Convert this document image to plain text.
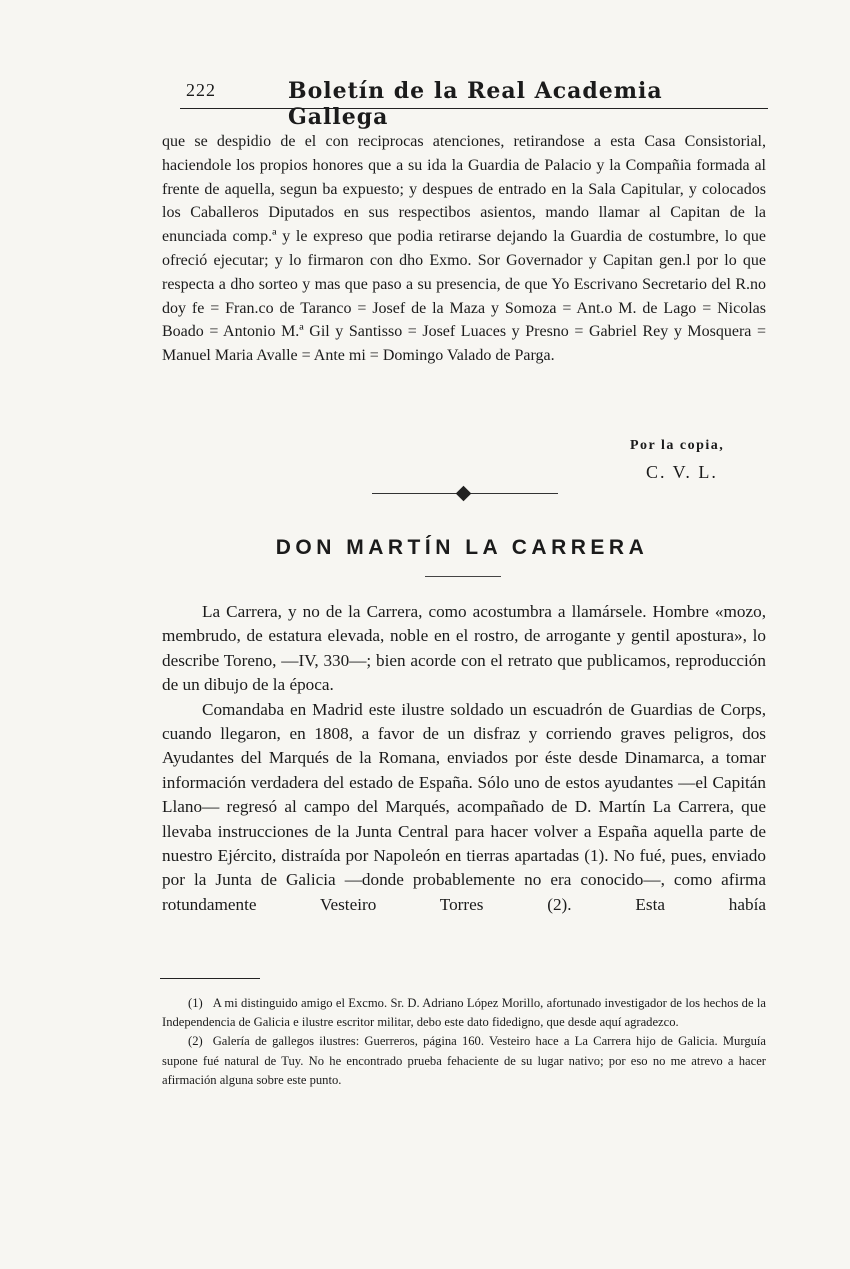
222	Boletín de la Real Academia Gallega

que se despidio de el con reciprocas atenciones, retirandose a esta Casa Consistorial, haciendole los propios honores que a su ida la Guardia de Palacio y la Compañia formada al frente de aquella, segun ba expuesto; y despues de entrado en la Sala Capitular, y colocados los Caballeros Diputados en sus respectibos asientos, mando llamar al Capitan de la enunciada comp.ª y le expreso que podia retirarse dejando la Guardia de costumbre, lo que ofreció ejecutar; y lo firmaron con dho Exmo. Sor Governador y Capitan gen.l por lo que respecta a dho sorteo y mas que paso a su presencia, de que Yo Escrivano Secretario del R.no doy fe = Fran.co de Taranco = Josef de la Maza y Somoza = Ant.o M. de Lago = Nicolas Boado = Antonio M.ª Gil y Santisso = Josef Luaces y Presno = Gabriel Rey y Mosquera = Manuel Maria Avalle = Ante mi = Domingo Valado de Parga.

Por la copia,
C. V. L.
DON MARTÍN LA CARRERA

La Carrera, y no de la Carrera, como acostumbra a llamársele. Hombre «mozo, membrudo, de estatura elevada, noble en el rostro, de arrogante y gentil apostura», lo describe Toreno, —IV, 330—; bien acorde con el retrato que publicamos, reproducción de un dibujo de la época.

Comandaba en Madrid este ilustre soldado un escuadrón de Guardias de Corps, cuando llegaron, en 1808, a favor de un disfraz y corriendo graves peligros, dos Ayudantes del Marqués de la Romana, enviados por éste desde Dinamarca, a tomar información verdadera del estado de España. Sólo uno de estos ayudantes —el Capitán Llano— regresó al campo del Marqués, acompañado de D. Martín La Carrera, que llevaba instrucciones de la Junta Central para hacer volver a España aquella parte de nuestro Ejército, distraída por Napoleón en tierras apartadas (1). No fué, pues, enviado por la Junta de Galicia —donde probablemente no era conocido—, como afirma rotundamente Vesteiro Torres (2). Esta había

(1) A mi distinguido amigo el Excmo. Sr. D. Adriano López Morillo, afortunado investigador de los hechos de la Independencia de Galicia e ilustre escritor militar, debo este dato fidedigno, que desde aquí agradezco.

(2) Galería de gallegos ilustres: Guerreros, página 160. Vesteiro hace a La Carrera hijo de Galicia. Murguía supone fué natural de Tuy. No he encontrado prueba fehaciente de su lugar nativo; por eso no me atrevo a hacer afirmación alguna sobre este punto.
